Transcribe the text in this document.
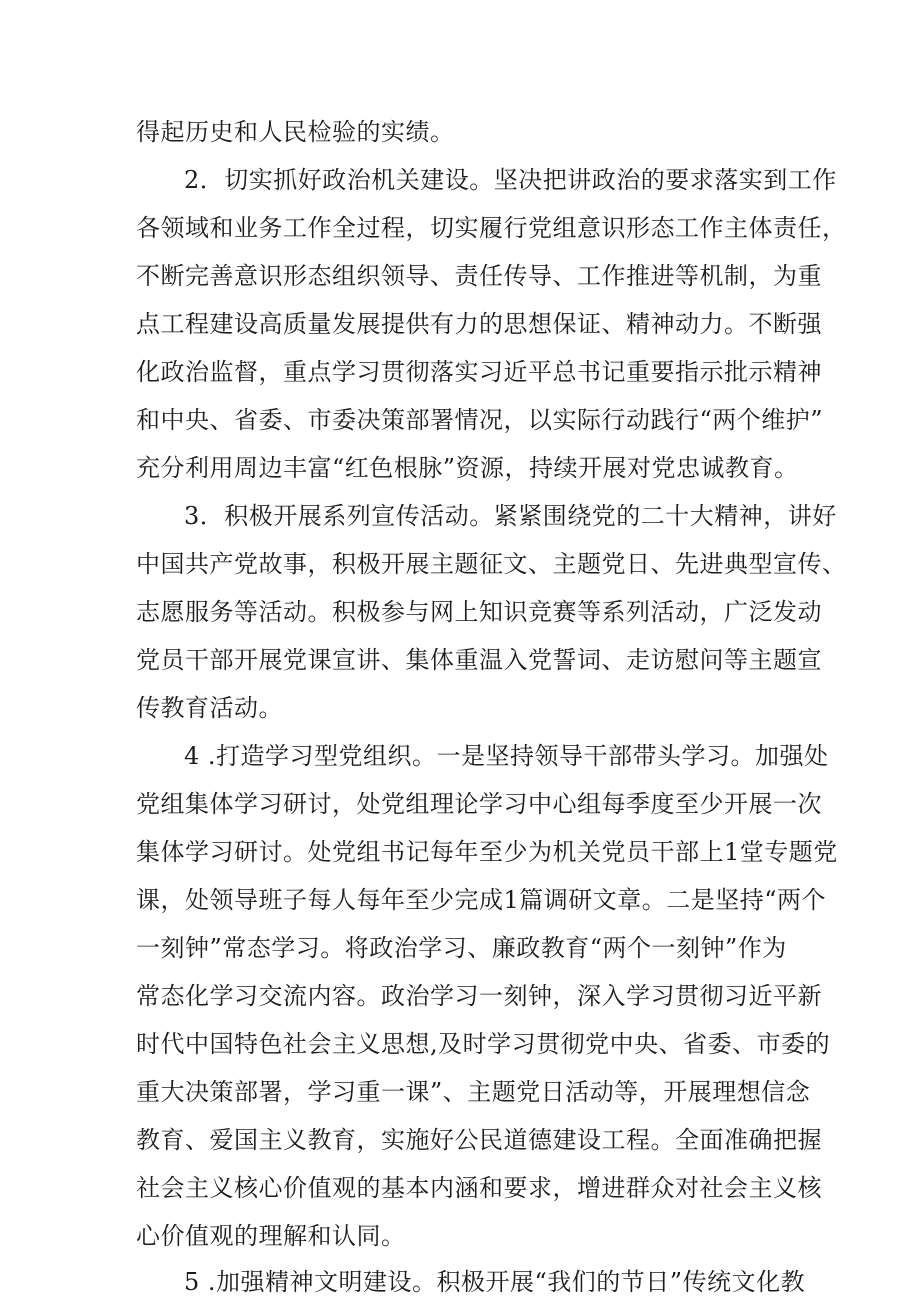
得起历史和人民检验的实绩。

2．切实抓好政治机关建设。坚决把讲政治的要求落实到工作

各领域和业务工作全过程，切实履行党组意识形态工作主体责任，

不断完善意识形态组织领导、责任传导、工作推进等机制，为重

点工程建设高质量发展提供有力的思想保证、精神动力。不断强

化政治监督，重点学习贯彻落实习近平总书记重要指示批示精神

和中央、省委、市委决策部署情况，以实际行动践行“两个维护”

充分利用周边丰富“红色根脉”资源，持续开展对党忠诚教育。

3．积极开展系列宣传活动。紧紧围绕党的二十大精神，讲好

中国共产党故事，积极开展主题征文、主题党日、先进典型宣传、

志愿服务等活动。积极参与网上知识竞赛等系列活动，广泛发动

党员干部开展党课宣讲、集体重温入党誓词、走访慰问等主题宣

传教育活动。

4 .打造学习型党组织。一是坚持领导干部带头学习。加强处

党组集体学习研讨，处党组理论学习中心组每季度至少开展一次

集体学习研讨。处党组书记每年至少为机关党员干部上1堂专题党

课，处领导班子每人每年至少完成1篇调研文章。二是坚持“两个

一刻钟”常态学习。将政治学习、廉政教育“两个一刻钟”作为

常态化学习交流内容。政治学习一刻钟，深入学习贯彻习近平新

时代中国特色社会主义思想,及时学习贯彻党中央、省委、市委的

重大决策部署，学习重一课”、主题党日活动等，开展理想信念

教育、爱国主义教育，实施好公民道德建设工程。全面准确把握

社会主义核心价值观的基本内涵和要求，增进群众对社会主义核

心价值观的理解和认同。

5 .加强精神文明建设。积极开展“我们的节日”传统文化教
